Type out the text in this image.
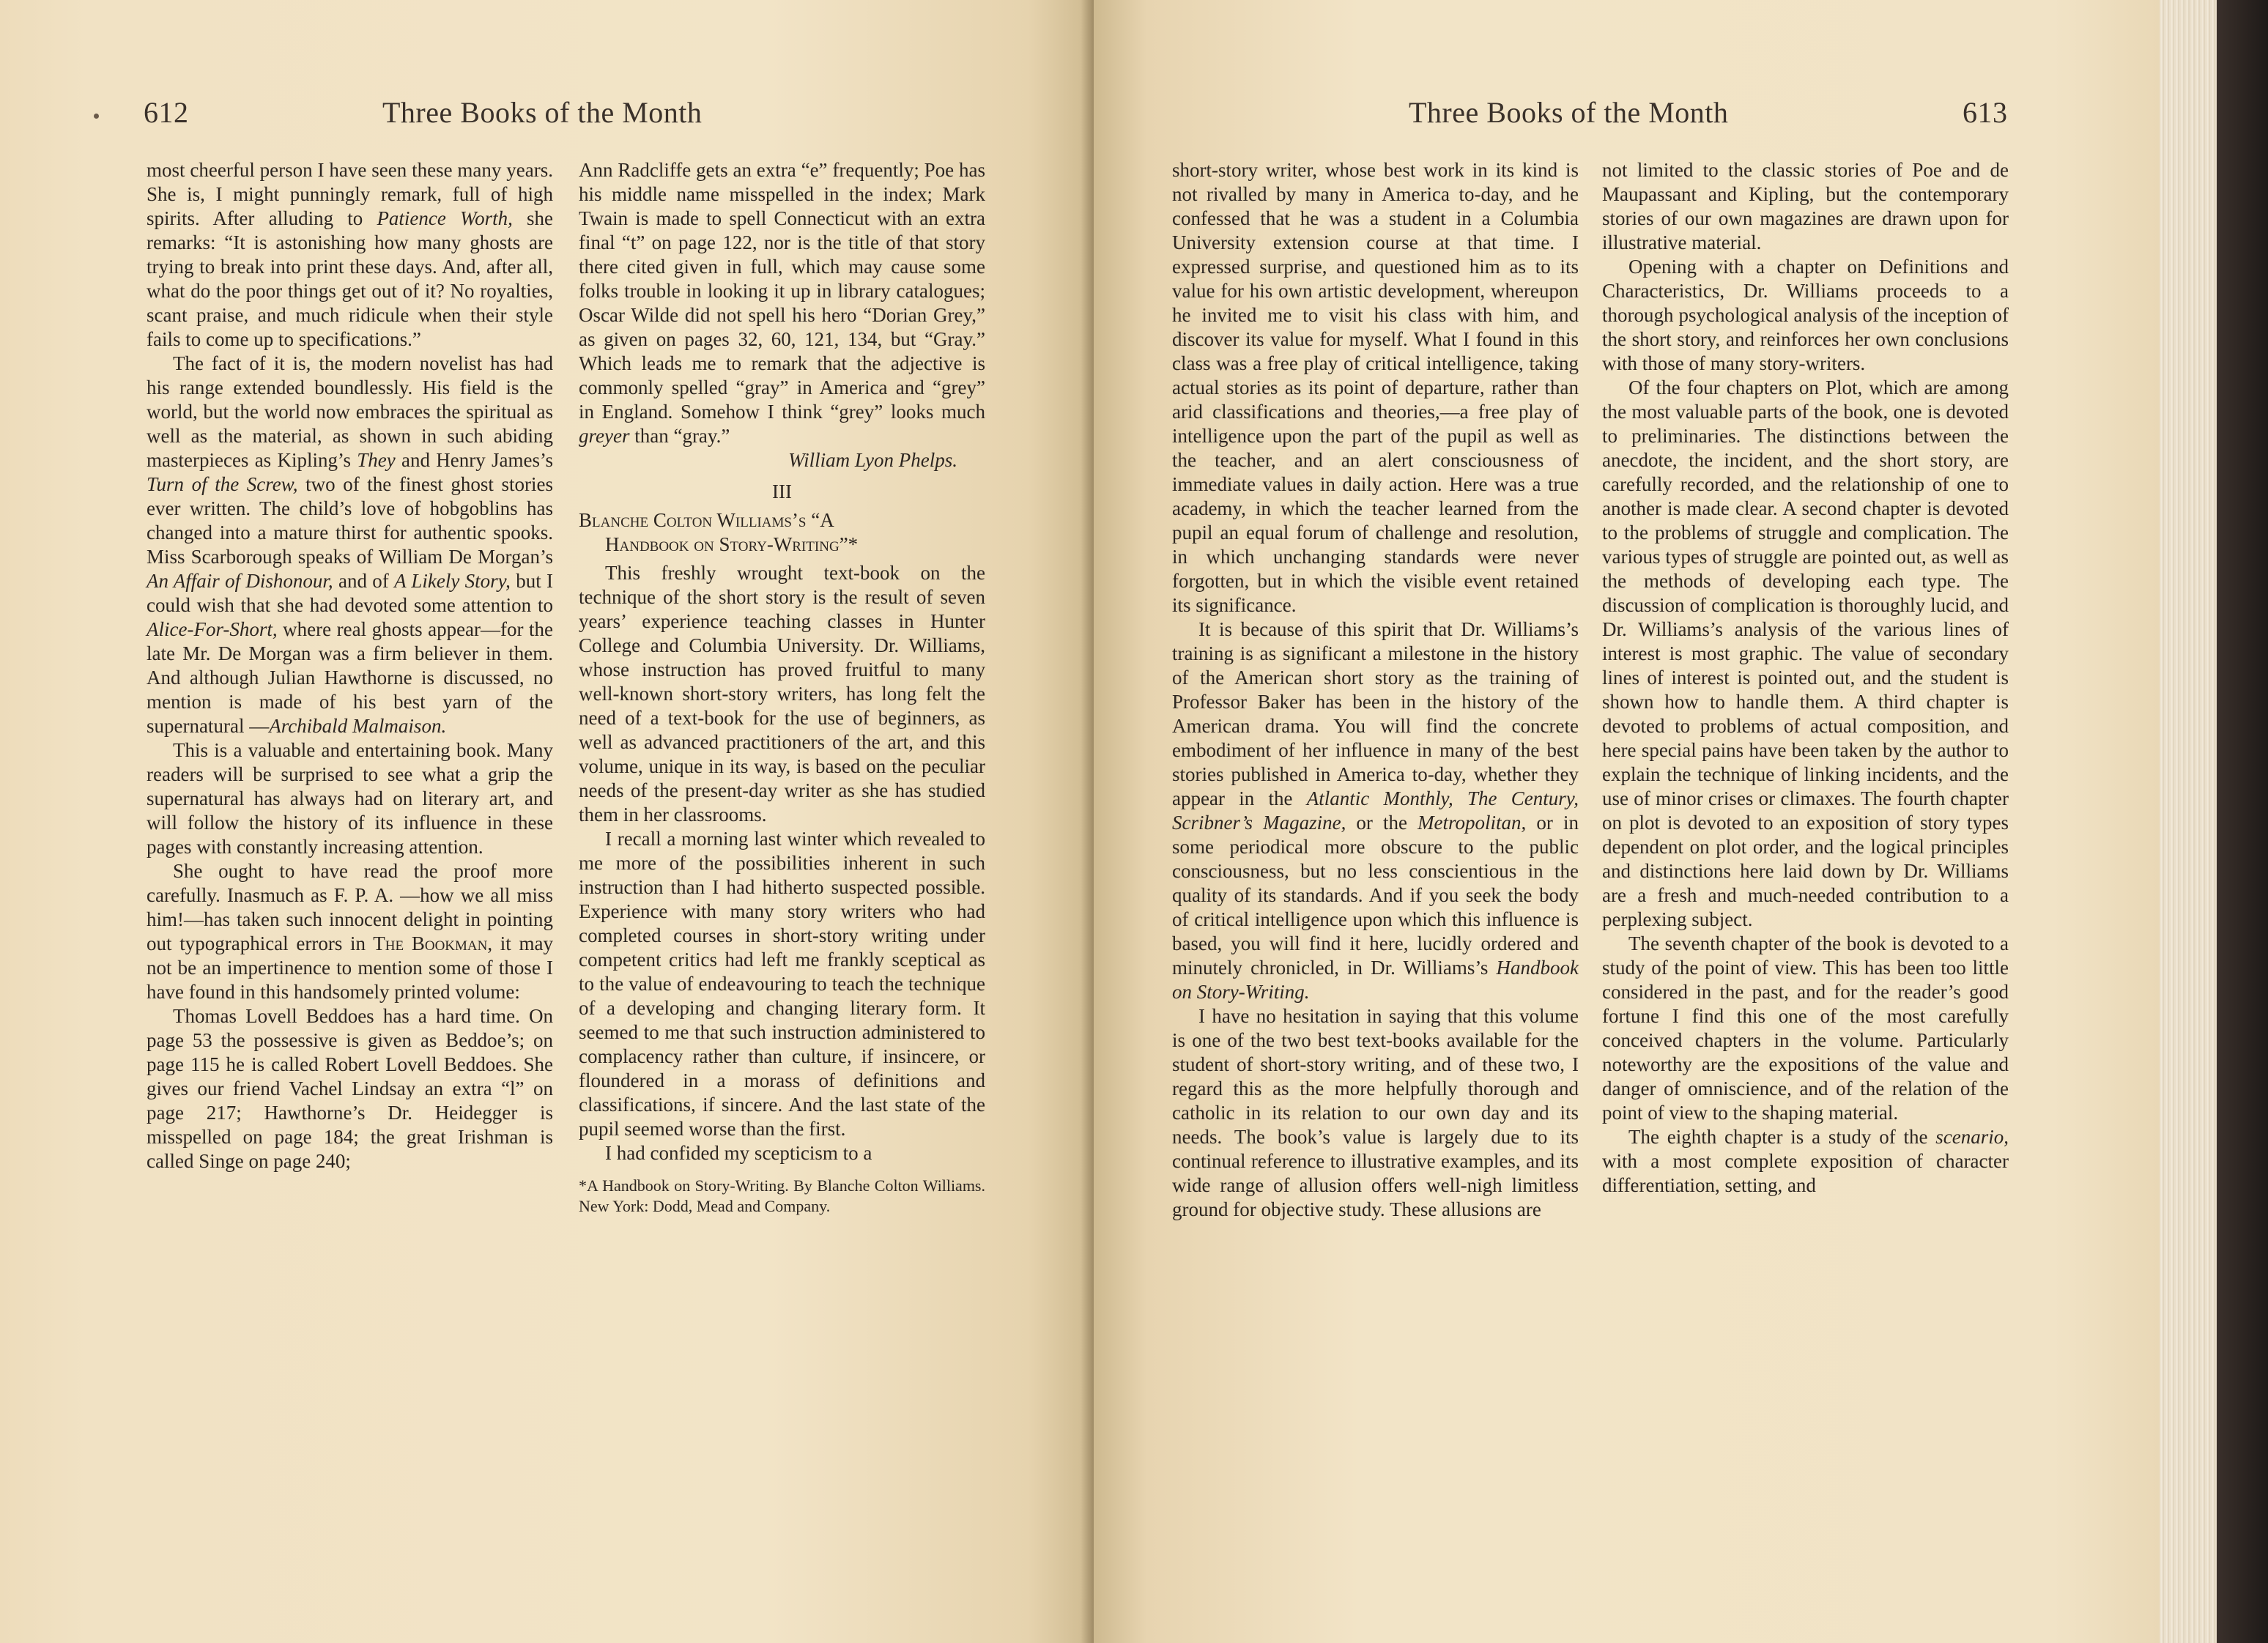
612	Three Books of the Month

most cheerful person I have seen these many years. She is, I might punningly remark, full of high spirits. After alluding to Patience Worth, she remarks: “It is astonishing how many ghosts are trying to break into print these days. And, after all, what do the poor things get out of it? No royalties, scant praise, and much ridicule when their style fails to come up to specifications.”

The fact of it is, the modern novelist has had his range extended boundlessly. His field is the world, but the world now embraces the spiritual as well as the material, as shown in such abiding masterpieces as Kipling’s They and Henry James’s Turn of the Screw, two of the finest ghost stories ever written. The child’s love of hobgoblins has changed into a mature thirst for authentic spooks. Miss Scarborough speaks of William De Morgan’s An Affair of Dishonour, and of A Likely Story, but I could wish that she had devoted some attention to Alice-For-Short, where real ghosts appear—for the late Mr. De Morgan was a firm believer in them. And although Julian Hawthorne is discussed, no mention is made of his best yarn of the supernatural —Archibald Malmaison.

This is a valuable and entertaining book. Many readers will be surprised to see what a grip the supernatural has always had on literary art, and will follow the history of its influence in these pages with constantly increasing attention.

She ought to have read the proof more carefully. Inasmuch as F. P. A. —how we all miss him!—has taken such innocent delight in pointing out typographical errors in The Bookman, it may not be an impertinence to mention some of those I have found in this handsomely printed volume:

Thomas Lovell Beddoes has a hard time. On page 53 the possessive is given as Beddoe’s; on page 115 he is called Robert Lovell Beddoes. She gives our friend Vachel Lindsay an extra “l” on page 217; Hawthorne’s Dr. Heidegger is misspelled on page 184; the great Irishman is called Singe on page 240;

Ann Radcliffe gets an extra “e” frequently; Poe has his middle name misspelled in the index; Mark Twain is made to spell Connecticut with an extra final “t” on page 122, nor is the title of that story there cited given in full, which may cause some folks trouble in looking it up in library catalogues; Oscar Wilde did not spell his hero “Dorian Grey,” as given on pages 32, 60, 121, 134, but “Gray.” Which leads me to remark that the adjective is commonly spelled “gray” in America and “grey” in England. Somehow I think “grey” looks much greyer than “gray.”

William Lyon Phelps.

III

Blanche Colton Williams’s “A

Handbook on Story-Writing”*

This freshly wrought text-book on the technique of the short story is the result of seven years’ experience teaching classes in Hunter College and Columbia University. Dr. Williams, whose instruction has proved fruitful to many well-known short-story writers, has long felt the need of a text-book for the use of beginners, as well as advanced practitioners of the art, and this volume, unique in its way, is based on the peculiar needs of the present-day writer as she has studied them in her classrooms.

I recall a morning last winter which revealed to me more of the possibilities inherent in such instruction than I had hitherto suspected possible. Experience with many story writers who had completed courses in short-story writing under competent critics had left me frankly sceptical as to the value of endeavouring to teach the technique of a developing and changing literary form. It seemed to me that such instruction administered to complacency rather than culture, if insincere, or floundered in a morass of definitions and classifications, if sincere. And the last state of the pupil seemed worse than the first.

I had confided my scepticism to a

*A Handbook on Story-Writing. By Blanche Colton Williams. New York: Dodd, Mead and Company.

Three Books of the Month	613

short-story writer, whose best work in its kind is not rivalled by many in America to-day, and he confessed that he was a student in a Columbia University extension course at that time. I expressed surprise, and questioned him as to its value for his own artistic development, whereupon he invited me to visit his class with him, and discover its value for myself. What I found in this class was a free play of critical intelligence, taking actual stories as its point of departure, rather than arid classifications and theories,—a free play of intelligence upon the part of the pupil as well as the teacher, and an alert consciousness of immediate values in daily action. Here was a true academy, in which the teacher learned from the pupil an equal forum of challenge and resolution, in which unchanging standards were never forgotten, but in which the visible event retained its significance.

It is because of this spirit that Dr. Williams’s training is as significant a milestone in the history of the American short story as the training of Professor Baker has been in the history of the American drama. You will find the concrete embodiment of her influence in many of the best stories published in America to-day, whether they appear in the Atlantic Monthly, The Century, Scribner’s Magazine, or the Metropolitan, or in some periodical more obscure to the public consciousness, but no less conscientious in the quality of its standards. And if you seek the body of critical intelligence upon which this influence is based, you will find it here, lucidly ordered and minutely chronicled, in Dr. Williams’s Handbook on Story-Writing.

I have no hesitation in saying that this volume is one of the two best text-books available for the student of short-story writing, and of these two, I regard this as the more helpfully thorough and catholic in its relation to our own day and its needs. The book’s value is largely due to its continual reference to illustrative examples, and its wide range of allusion offers well-nigh limitless ground for objective study. These allusions are

not limited to the classic stories of Poe and de Maupassant and Kipling, but the contemporary stories of our own magazines are drawn upon for illustrative material.

Opening with a chapter on Definitions and Characteristics, Dr. Williams proceeds to a thorough psychological analysis of the inception of the short story, and reinforces her own conclusions with those of many story-writers.

Of the four chapters on Plot, which are among the most valuable parts of the book, one is devoted to preliminaries. The distinctions between the anecdote, the incident, and the short story, are carefully recorded, and the relationship of one to another is made clear. A second chapter is devoted to the problems of struggle and complication. The various types of struggle are pointed out, as well as the methods of developing each type. The discussion of complication is thoroughly lucid, and Dr. Williams’s analysis of the various lines of interest is most graphic. The value of secondary lines of interest is pointed out, and the student is shown how to handle them. A third chapter is devoted to problems of actual composition, and here special pains have been taken by the author to explain the technique of linking incidents, and the use of minor crises or climaxes. The fourth chapter on plot is devoted to an exposition of story types dependent on plot order, and the logical principles and distinctions here laid down by Dr. Williams are a fresh and much-needed contribution to a perplexing subject.

The seventh chapter of the book is devoted to a study of the point of view. This has been too little considered in the past, and for the reader’s good fortune I find this one of the most carefully conceived chapters in the volume. Particularly noteworthy are the expositions of the value and danger of omniscience, and of the relation of the point of view to the shaping material.

The eighth chapter is a study of the scenario, with a most complete exposition of character differentiation, setting, and
